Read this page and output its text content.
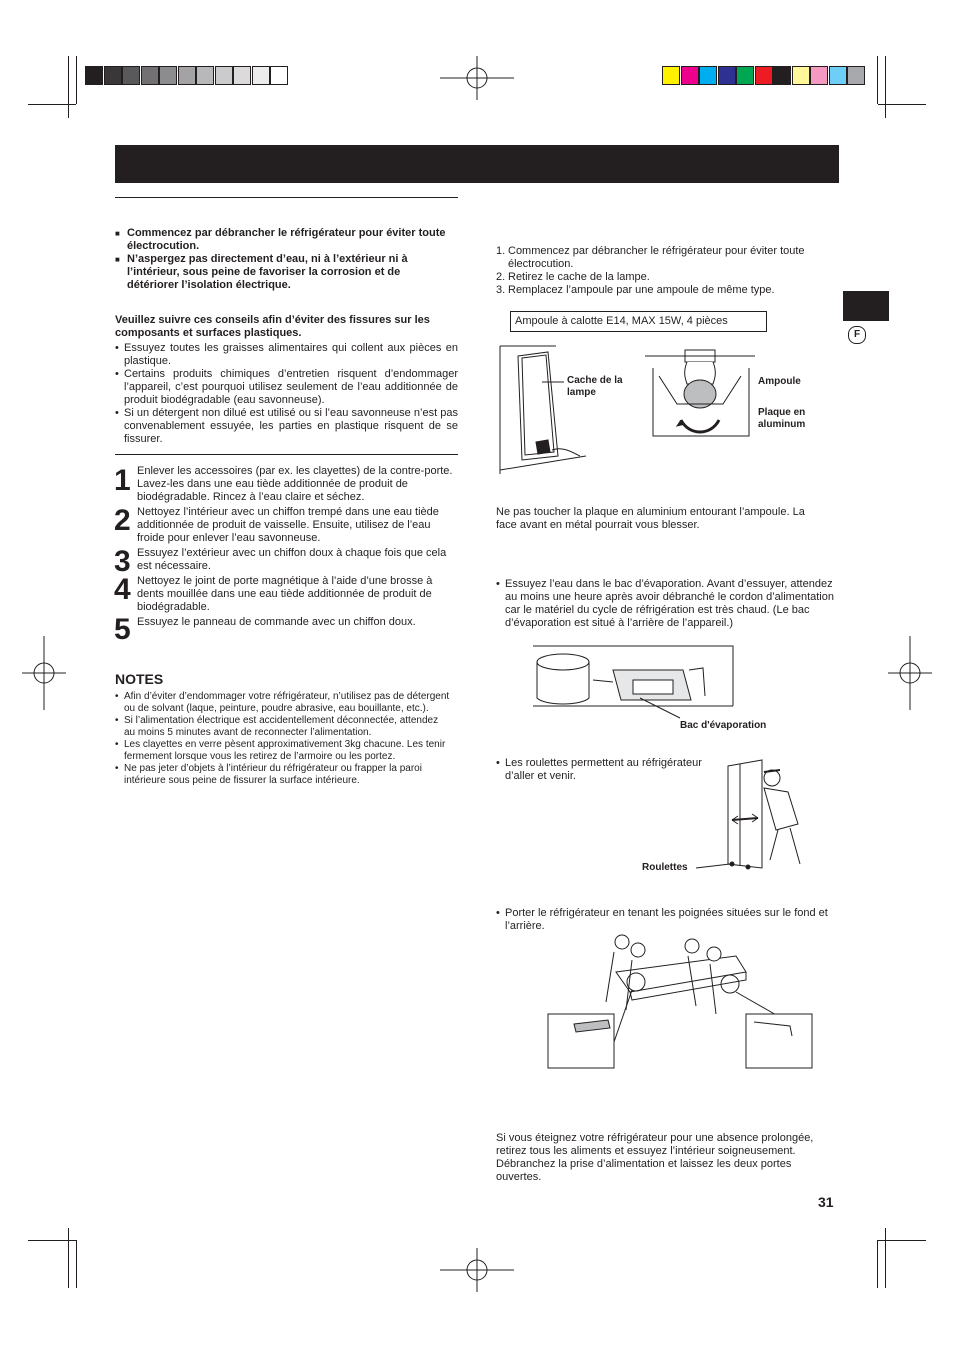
F
■ Commencez par débrancher le réfrigérateur pour éviter toute électrocution.
■ N’aspergez pas directement d’eau, ni à l’extérieur ni à l’intérieur, sous peine de favoriser la corrosion et de détériorer l’isolation électrique.
Veuillez suivre ces conseils afin d’éviter des fissures sur les composants et surfaces plastiques.
• Essuyez toutes les graisses alimentaires qui collent aux pièces en plastique.
• Certains produits chimiques d’entretien risquent d’endommager l’appareil, c’est pourquoi utilisez seulement de l’eau additionnée de produit biodégradable (eau savonneuse).
• Si un détergent non dilué est utilisé ou si l’eau savonneuse n’est pas convenablement essuyée, les parties en plastique risquent de se fissurer.
1 Enlever les accessoires (par ex. les clayettes) de la contre-porte. Lavez-les dans une eau tiède additionnée de produit de biodégradable. Rincez à l’eau claire et séchez.
2 Nettoyez l’intérieur avec un chiffon trempé dans une eau tiède additionnée de produit de vaisselle. Ensuite, utilisez de l’eau froide pour enlever l’eau savonneuse.
3 Essuyez l’extérieur avec un chiffon doux à chaque fois que cela est nécessaire.
4 Nettoyez le joint de porte magnétique à l’aide d’une brosse à dents mouillée dans une eau tiède additionnée de produit de biodégradable.
5 Essuyez le panneau de commande avec un chiffon doux.
NOTES
• Afin d’éviter d’endommager votre réfrigérateur, n’utilisez pas de détergent ou de solvant (laque, peinture, poudre abrasive, eau bouillante, etc.).
• Si l’alimentation électrique est accidentellement déconnectée, attendez au moins 5 minutes avant de reconnecter l’alimentation.
• Les clayettes en verre pèsent approximativement 3kg chacune. Les tenir fermement lorsque vous les retirez de l’armoire ou les portez.
• Ne pas jeter d’objets à l’intérieur du réfrigérateur ou frapper la paroi intérieure sous peine de fissurer la surface intérieure.
1. Commencez par débrancher le réfrigérateur pour éviter toute électrocution.
2. Retirez le cache de la lampe.
3. Remplacez l’ampoule par une ampoule de même type.
Ampoule à calotte E14, MAX 15W, 4 pièces
Cache de la lampe
Ampoule
Plaque en aluminum
Ne pas toucher la plaque en aluminium entourant l’ampoule. La face avant en métal pourrait vous blesser.
• Essuyez l’eau dans le bac d’évaporation. Avant d’essuyer, attendez au moins une heure après avoir débranché le cordon d’alimentation car le matériel du cycle de réfrigération est très chaud. (Le bac d’évaporation est situé à l’arrière de l’appareil.)
Bac d'évaporation
• Les roulettes permettent au réfrigérateur d’aller et venir.
Roulettes
• Porter le réfrigérateur en tenant les poignées situées sur le fond et l’arrière.
Si vous éteignez votre réfrigérateur pour une absence prolongée, retirez tous les aliments et essuyez l’intérieur soigneusement. Débranchez la prise d’alimentation et laissez les deux portes ouvertes.
31
